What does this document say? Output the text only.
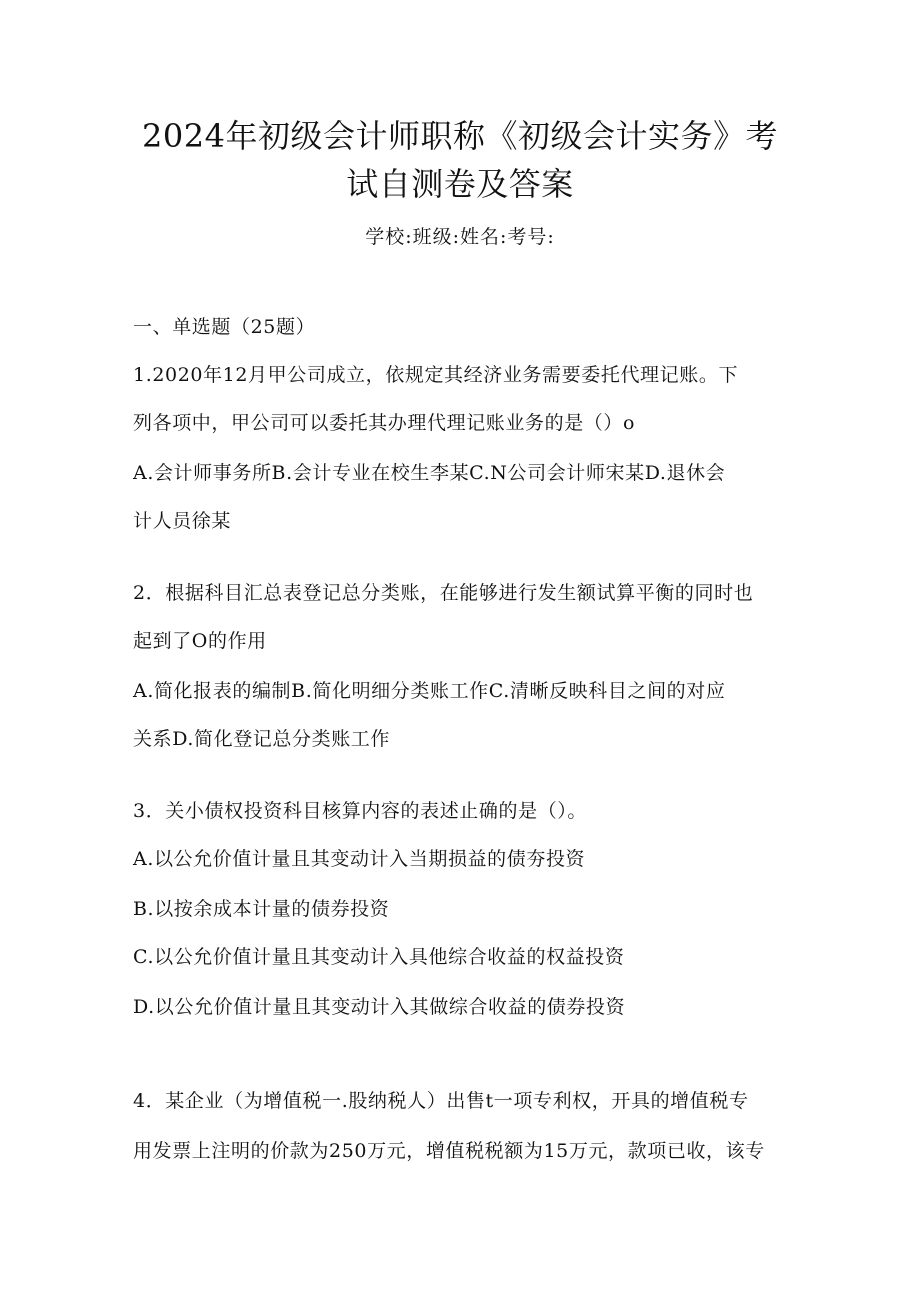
2024年初级会计师职称《初级会计实务》考
试自测卷及答案
学校:班级:姓名:考号:
一、单选题（25题）
1.2020年12月甲公司成立，依规定其经济业务需要委托代理记账。下
列各项中，甲公司可以委托其办理代理记账业务的是（）o
A.会计师事务所B.会计专业在校生李某C.N公司会计师宋某D.退休会
计人员徐某
2．根据科目汇总表登记总分类账，在能够进行发生额试算平衡的同时也
起到了O的作用
A.简化报表的编制B.简化明细分类账工作C.清晰反映科目之间的对应
关系D.简化登记总分类账工作
3．关小债权投资科目核算内容的表述止确的是（）。
A.以公允价值计量且其变动计入当期损益的债夯投资
B.以按余成本计量的债券投资
C.以公允价值计量且其变动计入具他综合收益的权益投资
D.以公允价值计量且其变动计入其做综合收益的债券投资
4．某企业（为增值税一.股纳税人）出售t一项专利权，开具的增值税专
用发票上注明的价款为250万元，增值税税额为15万元，款项已收，该专
